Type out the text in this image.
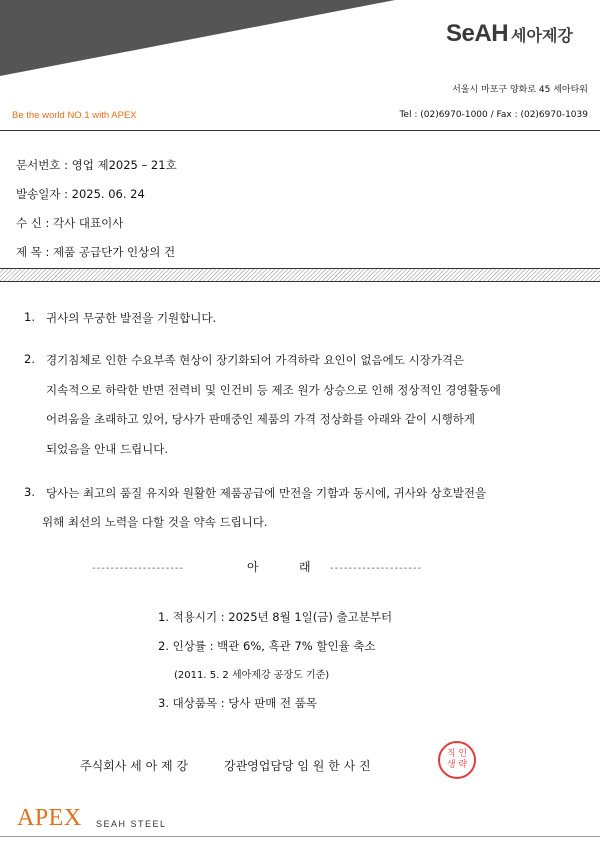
SeAH 세아제강
서울시 마포구 양화로 45 세아타워
Be the world NO.1 with APEX	Tel : (02)6970-1000 / Fax : (02)6970-1039
문서번호 : 영업 제2025 – 21호
발송일자 : 2025. 06. 24
수 신 : 각사 대표이사
제 목 : 제품 공급단가 인상의 건
1. 귀사의 무궁한 발전을 기원합니다.
2. 경기침체로 인한 수요부족 현상이 장기화되어 가격하락 요인이 없음에도 시장가격은
지속적으로 하락한 반면 전력비 및 인건비 등 제조 원가 상승으로 인해 정상적인 경영활동에
어려움을 초래하고 있어, 당사가 판매중인 제품의 가격 정상화를 아래와 같이 시행하게
되었음을 안내 드립니다.
3. 당사는 최고의 품질 유지와 원활한 제품공급에 만전을 기함과 동시에, 귀사와 상호발전을
위해 최선의 노력을 다할 것을 약속 드립니다.
--------------------	아	래 --------------------
1. 적용시기 : 2025년 8월 1일(금) 출고분부터
2. 인상률 : 백관 6%, 흑관 7% 할인율 축소
(2011. 5. 2 세아제강 공장도 기준)
3. 대상품목 : 당사 판매 전 품목
주식회사 세 아 제 강	강관영업담당 임 원 한 사 진
직 인
생 략
APEX SEAH STEEL
